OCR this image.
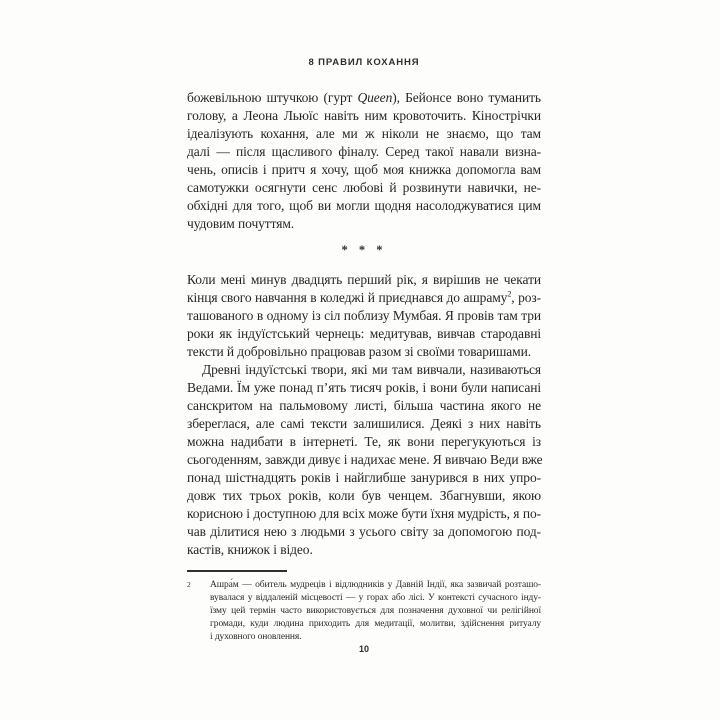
8 ПРАВИЛ КОХАННЯ
божевільною штучкою (гурт Queen), Бейонсе воно туманить
голову, а Леона Льюїс навіть ним кровоточить. Кінострічки
ідеалізують кохання, але ми ж ніколи не знаємо, що там
далі — після щасливого фіналу. Серед такої навали визна-
чень, описів і притч я хочу, щоб моя книжка допомогла вам
самотужки осягнути сенс любові й розвинути навички, не-
обхідні для того, щоб ви могли щодня насолоджуватися цим
чудовим почуттям.
* * *
Коли мені минув двадцять перший рік, я вирішив не чекати
кінця свого навчання в коледжі й приєднався до ашраму$^2$, роз-
ташованого в одному із сіл поблизу Мумбая. Я провів там три
роки як індуїстський чернець: медитував, вивчав стародавні
тексти й добровільно працював разом зі своїми товаришами.
Древні індуїстські твори, які ми там вивчали, називаються
Ведами. Їм уже понад п’ять тисяч років, і вони були написані
санскритом на пальмовому листі, більша частина якого не
збереглася, але самі тексти залишилися. Деякі з них навіть
можна надибати в інтернеті. Те, як вони перегукуються із
сьогоденням, завжди дивує і надихає мене. Я вивчаю Веди вже
понад шістнадцять років і найглибше занурився в них упро-
довж тих трьох років, коли був ченцем. Збагнувши, якою
корисною і доступною для всіх може бути їхня мудрість, я по-
чав ділитися нею з людьми з усього світу за допомогою под-
кастів, книжок і відео.
2	Ашра́м — обитель мудреців і відлюдників у Давній Індії, яка зазвичай розташо-
вувалася у віддаленій місцевості — у горах або лісі. У контексті сучасного інду-
їзму цей термін часто використовується для позначення духовної чи релігійної
громади, куди людина приходить для медитації, молитви, здійснення ритуалу
і духовного оновлення.
10
